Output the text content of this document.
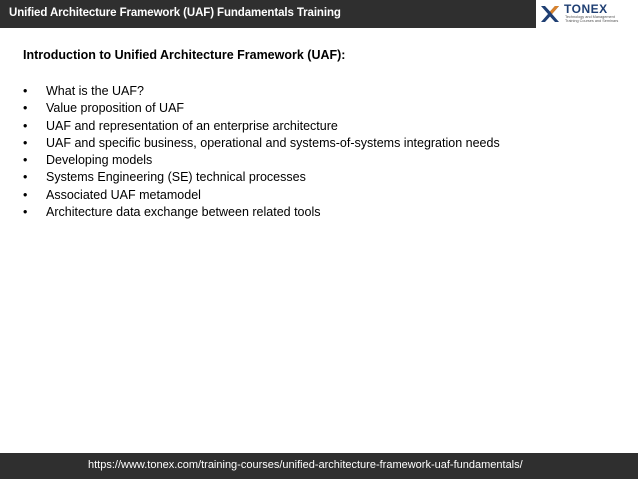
Unified Architecture Framework (UAF) Fundamentals Training	TONEX
Technology and Management
Training Courses and Seminars
Introduction to Unified Architecture Framework (UAF):
• What is the UAF?
• Value proposition of UAF
• UAF and representation of an enterprise architecture
• UAF and specific business, operational and systems-of-systems integration needs
• Developing models
• Systems Engineering (SE) technical processes
• Associated UAF metamodel
• Architecture data exchange between related tools
https://www.tonex.com/training-courses/unified-architecture-framework-uaf-fundamentals/
